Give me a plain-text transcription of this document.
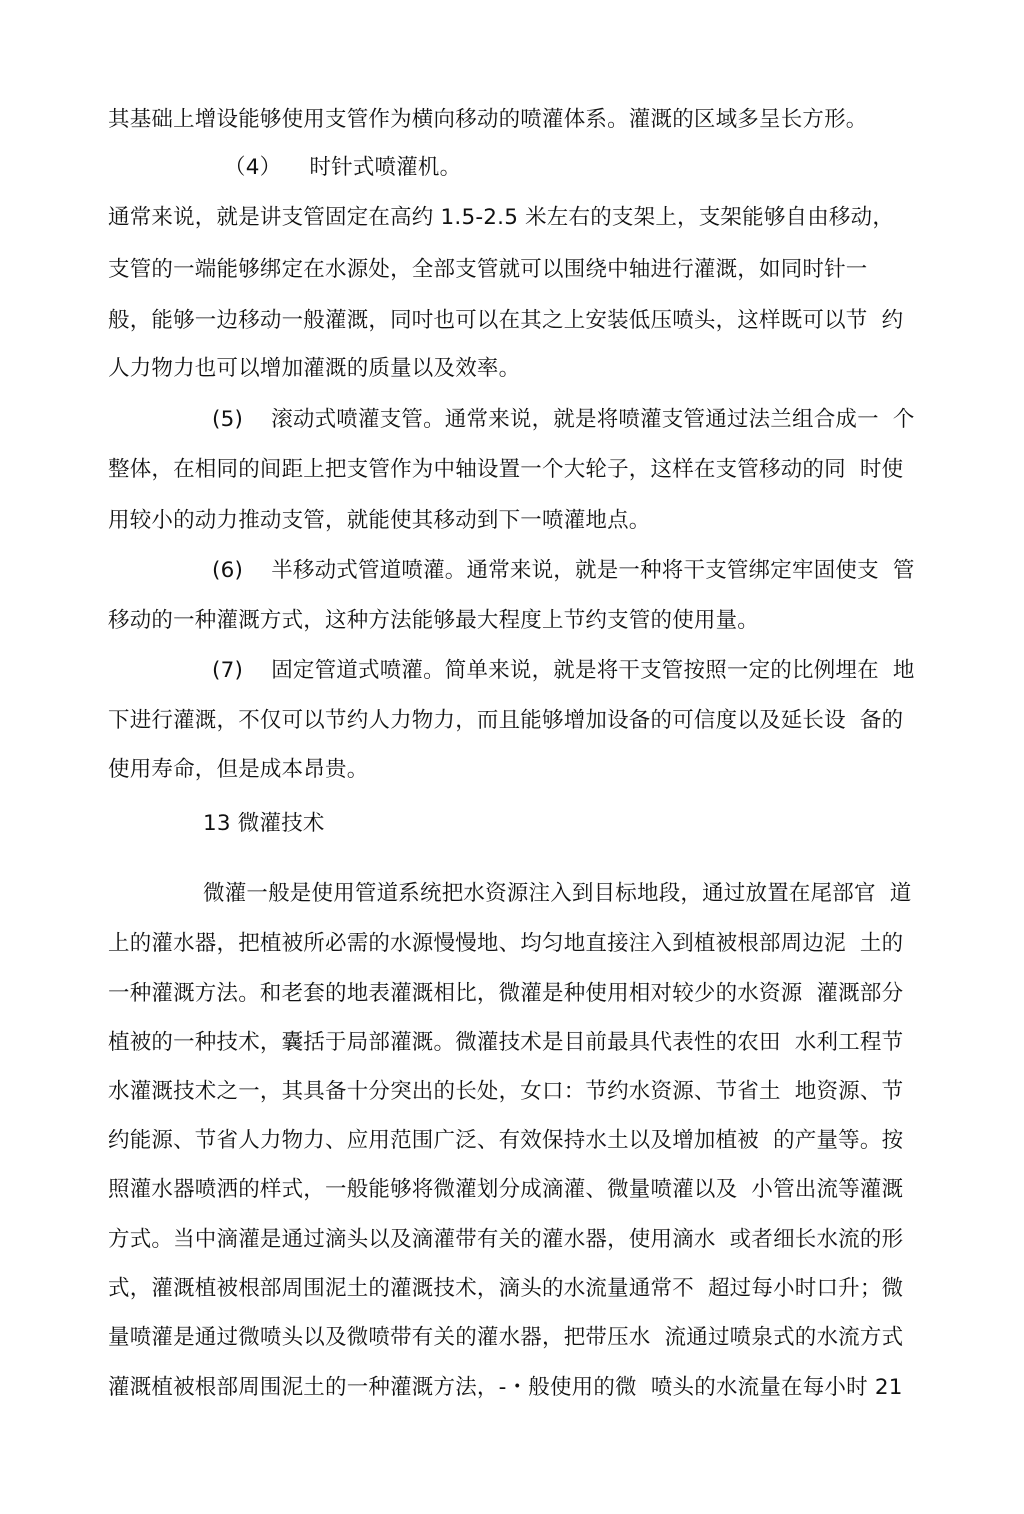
其基础上增设能够使用支管作为横向移动的喷灌体系。灌溉的区域多呈长方形。
（4）    时针式喷灌机。
通常来说，就是讲支管固定在高约 1.5-2.5 米左右的支架上，支架能够自由移动，
支管的一端能够绑定在水源处，全部支管就可以围绕中轴进行灌溉，如同时针一
般，能够一边移动一般灌溉，同吋也可以在其之上安装低压喷头，这样既可以节  约
人力物力也可以增加灌溉的质量以及效率。
(5)    滚动式喷灌支管。通常来说，就是将喷灌支管通过法兰组合成一  个
整体，在相同的间距上把支管作为中轴设置一个大轮子，这样在支管移动的同  时使
用较小的动力推动支管，就能使其移动到下一喷灌地点。
(6)    半移动式管道喷灌。通常来说，就是一种将干支管绑定牢固使支  管
移动的一种灌溉方式，这种方法能够最大程度上节约支管的使用量。
(7)    固定管道式喷灌。简单来说，就是将干支管按照一定的比例埋在  地
下进行灌溉，不仅可以节约人力物力，而且能够增加设备的可信度以及延长设  备的
使用寿命，但是成本昂贵。
13 微灌技术
微灌一般是使用管道系统把水资源注入到目标地段，通过放置在尾部官  道
上的灌水器，把植被所必需的水源慢慢地、均匀地直接注入到植被根部周边泥  土的
一种灌溉方法。和老套的地表灌溉相比，微灌是种使用相对较少的水资源  灌溉部分
植被的一种技术，囊括于局部灌溉。微灌技术是目前最具代表性的农田  水利工程节
水灌溉技术之一，其具备十分突出的长处，女口：节约水资源、节省土  地资源、节
约能源、节省人力物力、应用范围广泛、有效保持水土以及增加植被  的产量等。按
照灌水器喷洒的样式，一般能够将微灌划分成滴灌、微量喷灌以及  小管出流等灌溉
方式。当中滴灌是通过滴头以及滴灌带有关的灌水器，使用滴水  或者细长水流的形
式，灌溉植被根部周围泥土的灌溉技术，滴头的水流量通常不  超过每小时口升；微
量喷灌是通过微喷头以及微喷带有关的灌水器，把带压水  流通过喷泉式的水流方式
灌溉植被根部周围泥土的一种灌溉方法，-・般使用的微  喷头的水流量在每小时 21
